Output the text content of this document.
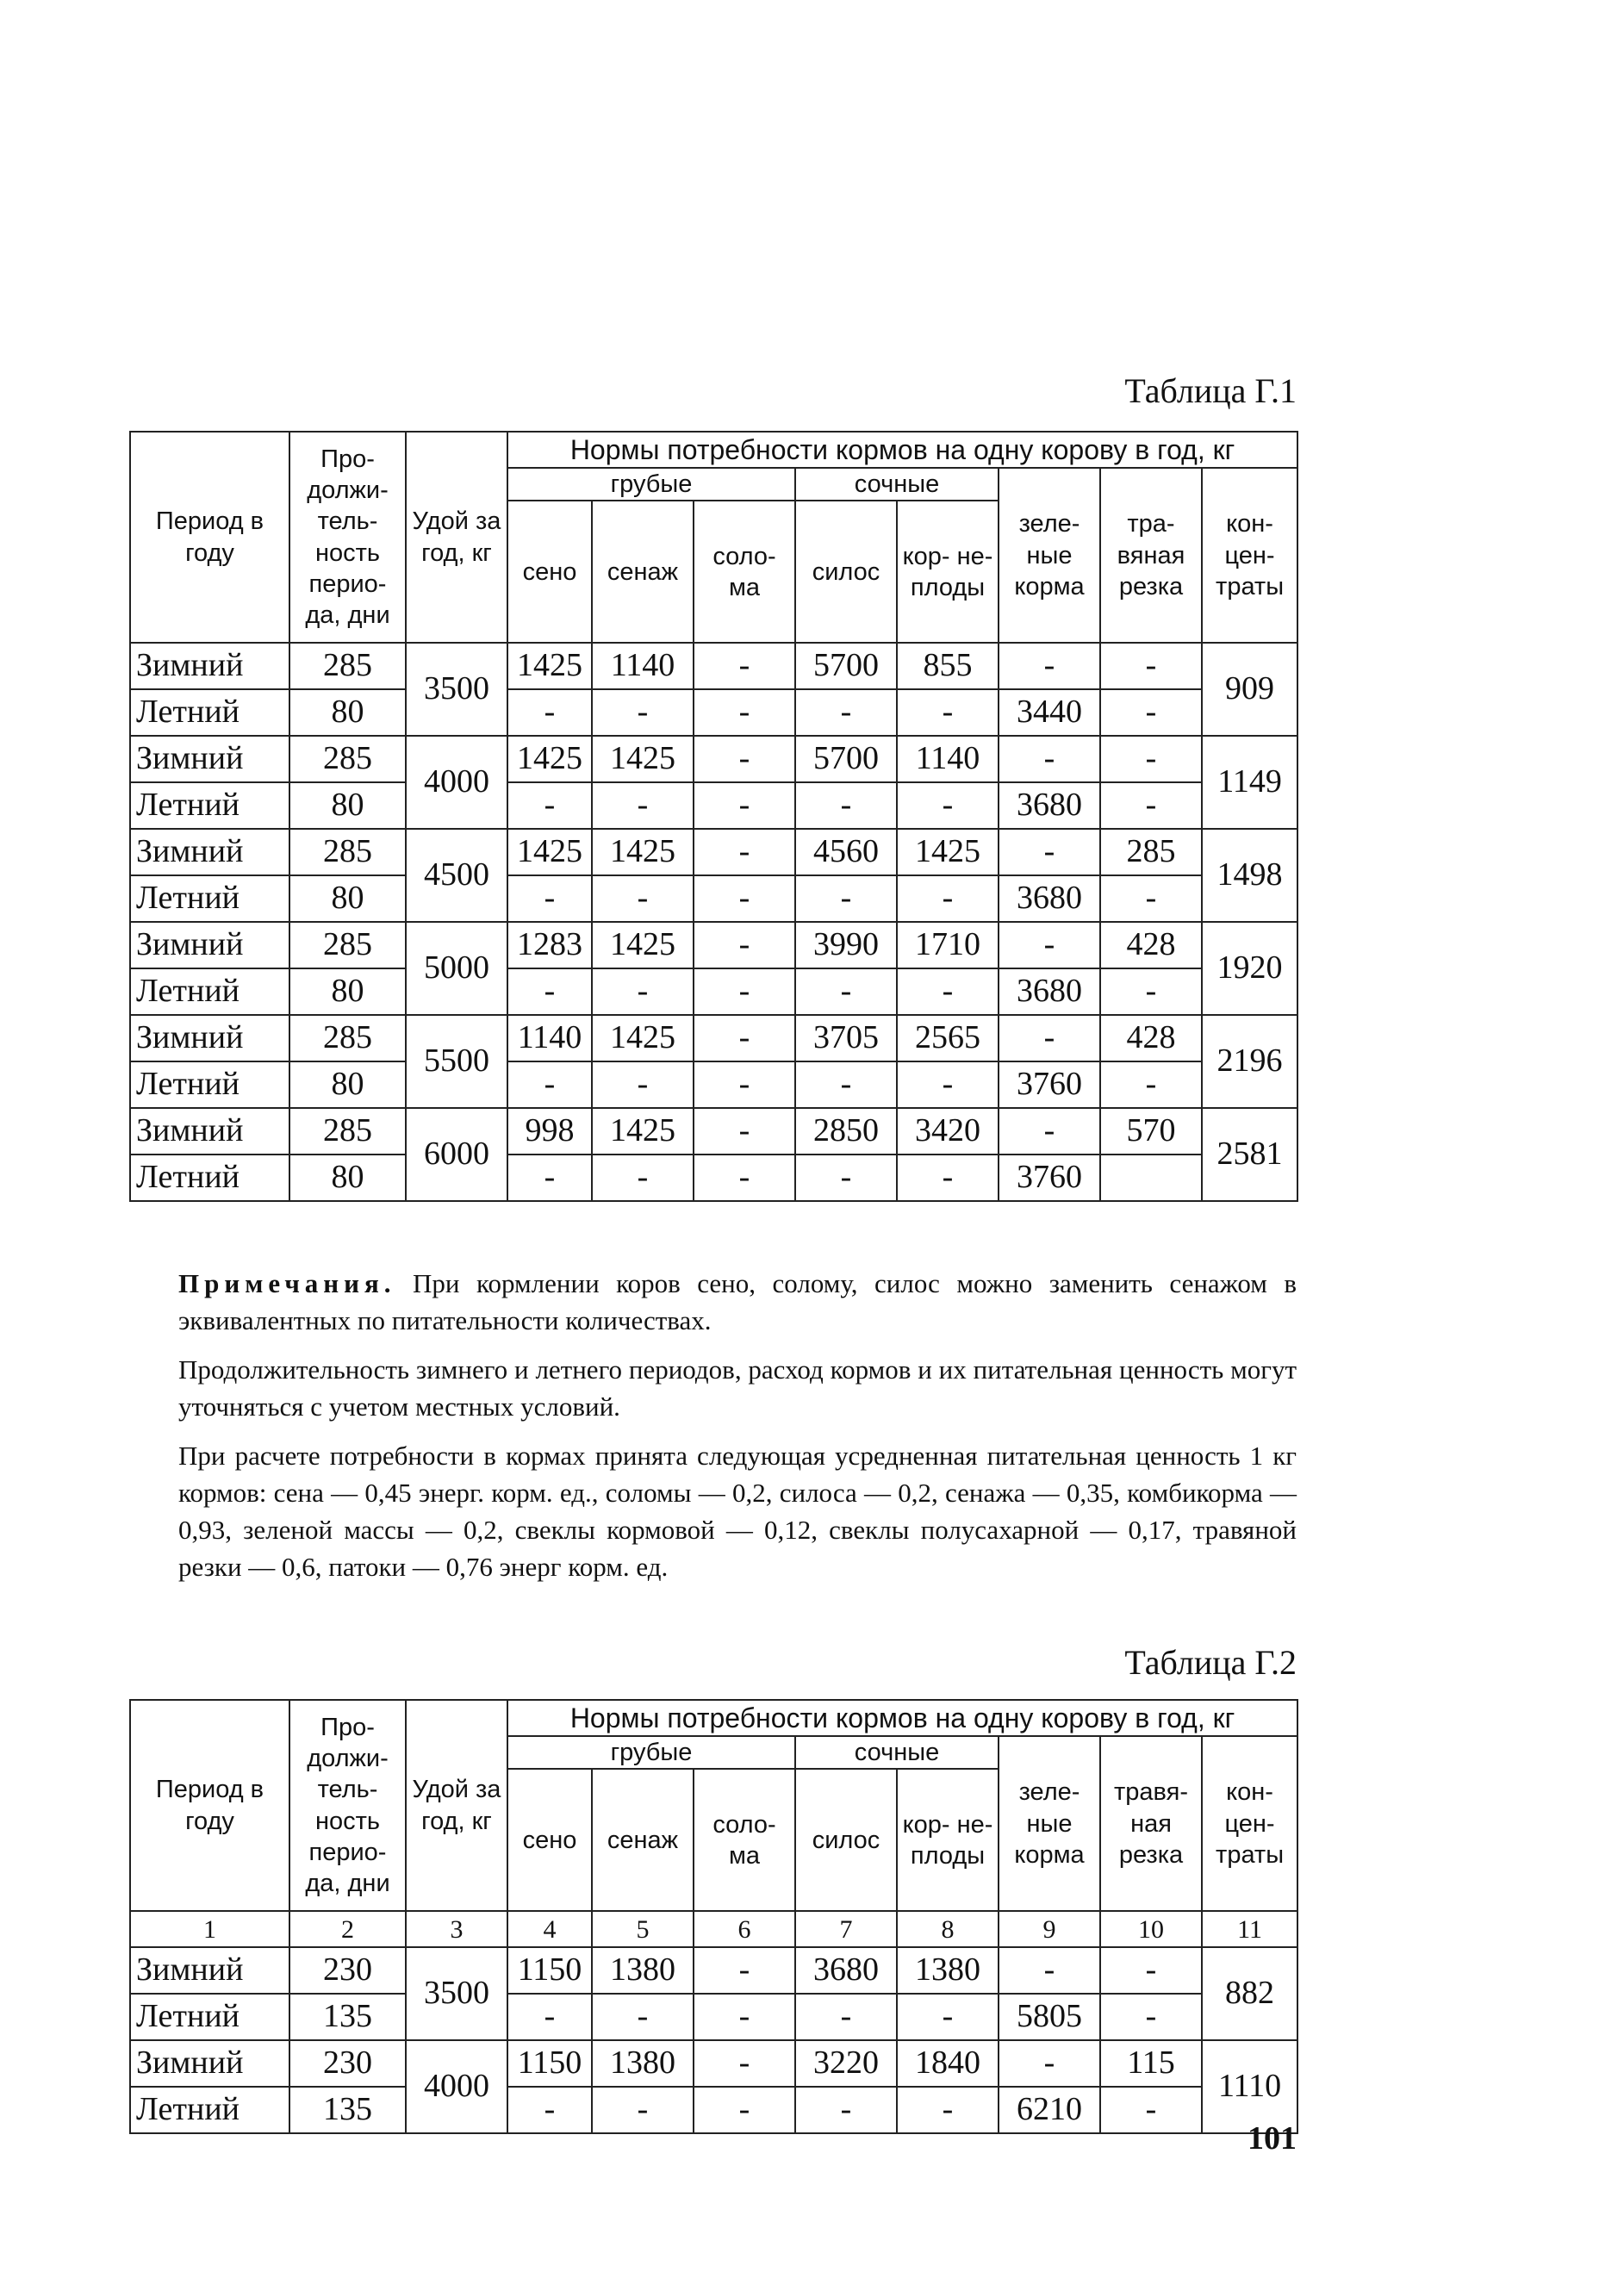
Таблица Г.1
Период в году	Про- должи- тель- ность перио- да, дни	Удой за год, кг	Нормы потребности кормов на одну корову в год, кг							
			грубые			сочные		зеле- ные корма	тра- вяная резка	кон- цен- траты
			сено	сенаж	соло- ма	силос	кор- не- плоды			
Зимний	285	3500	1425	1140	-	5700	855	-	-	909
Летний	80		-	-	-	-	-	3440	-	
Зимний	285	4000	1425	1425	-	5700	1140	-	-	1149
Летний	80		-	-	-	-	-	3680	-	
Зимний	285	4500	1425	1425	-	4560	1425	-	285	1498
Летний	80		-	-	-	-	-	3680	-	
Зимний	285	5000	1283	1425	-	3990	1710	-	428	1920
Летний	80		-	-	-	-	-	3680	-	
Зимний	285	5500	1140	1425	-	3705	2565	-	428	2196
Летний	80		-	-	-	-	-	3760	-	
Зимний	285	6000	998	1425	-	2850	3420	-	570	2581
Летний	80		-	-	-	-	-	3760		

Примечания. При кормлении коров сено, солому, силос можно заменить сенажом в эквивалентных по питательности количествах.

Продолжительность зимнего и летнего периодов, расход кормов и их питательная ценность могут уточняться с учетом местных условий.

При расчете потребности в кормах принята следующая усредненная питательная ценность 1 кг кормов: сена — 0,45 энерг. корм. ед., соломы — 0,2, силоса — 0,2, сенажа — 0,35, комбикорма — 0,93, зеленой массы — 0,2, свеклы кормовой — 0,12, свеклы полусахарной — 0,17, травяной резки — 0,6, патоки — 0,76 энерг корм. ед.

Таблица Г.2
Период в году	Про- должи- тель- ность перио- да, дни	Удой за год, кг	Нормы потребности кормов на одну корову в год, кг							
			грубые			сочные		зеле- ные корма	травя- ная резка	кон- цен- траты
			сено	сенаж	соло- ма	силос	кор- не- плоды			
1	2	3	4	5	6	7	8	9	10	11
Зимний	230	3500	1150	1380	-	3680	1380	-	-	882
Летний	135		-	-	-	-	-	5805	-	
Зимний	230	4000	1150	1380	-	3220	1840	-	115	1110
Летний	135		-	-	-	-	-	6210	-	
101
